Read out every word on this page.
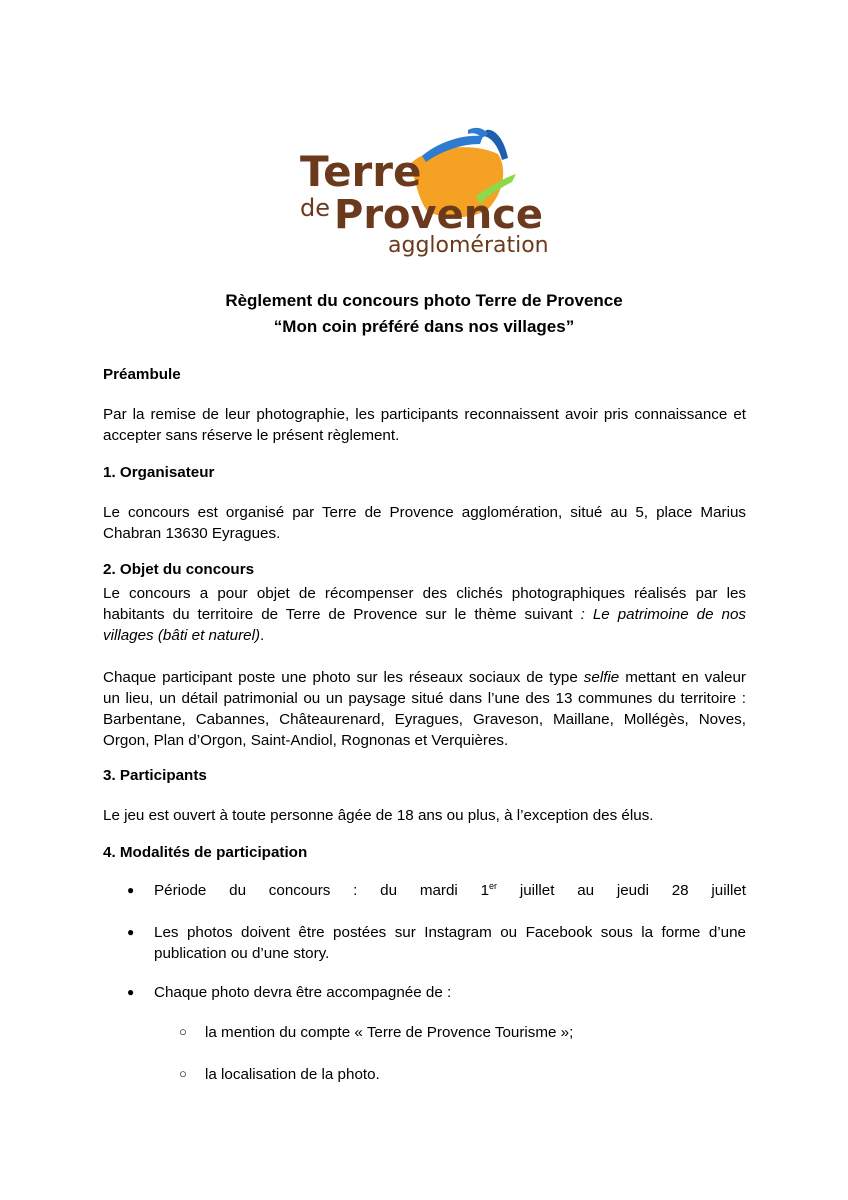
Terre
de Provence
agglomération
Règlement du concours photo Terre de Provence
“Mon coin préféré dans nos villages”
Préambule
Par la remise de leur photographie, les participants reconnaissent avoir pris connaissance et
accepter sans réserve le présent règlement.
1. Organisateur
Le concours est organisé par Terre de Provence agglomération, situé au 5, place Marius
Chabran 13630 Eyragues.
2. Objet du concours
Le concours a pour objet de récompenser des clichés photographiques réalisés par les
habitants du territoire de Terre de Provence sur le thème suivant : Le patrimoine de nos
villages (bâti et naturel).
Chaque participant poste une photo sur les réseaux sociaux de type selfie mettant en valeur
un lieu, un détail patrimonial ou un paysage situé dans l’une des 13 communes du territoire :
Barbentane, Cabannes, Châteaurenard, Eyragues, Graveson, Maillane, Mollégès, Noves,
Orgon, Plan d’Orgon, Saint-Andiol, Rognonas et Verquières.
3. Participants
Le jeu est ouvert à toute personne âgée de 18 ans ou plus, à l’exception des élus.
4. Modalités de participation
● Période du concours : du mardi 1er juillet au jeudi 28 juillet
● Les photos doivent être postées sur Instagram ou Facebook sous la forme d’une
publication ou d’une story.
● Chaque photo devra être accompagnée de :
○ la mention du compte « Terre de Provence Tourisme »;
○ la localisation de la photo.
